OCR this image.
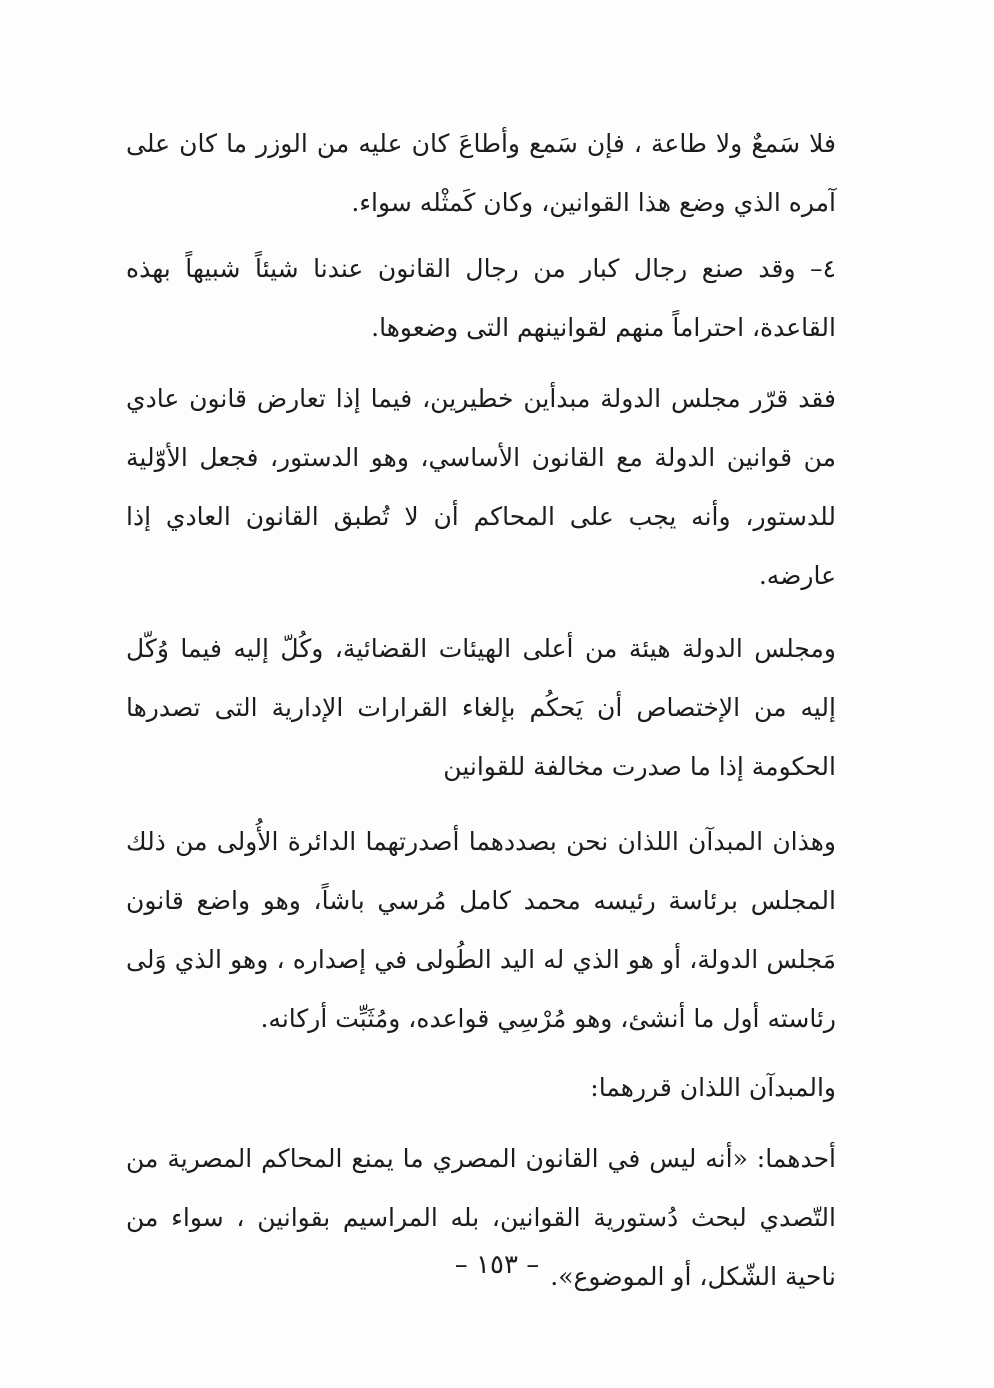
فلا سَمعٌ ولا طاعة ، فإن سَمع وأطاعَ كان عليه من الوزر ما كان على آمره الذي وضع هذا القوانين، وكان كَمثْله سواء.

٤– وقد صنع رجال كبار من رجال القانون عندنا شيئاً شبيهاً بهذه القاعدة، احتراماً منهم لقوانينهم التى وضعوها.

فقد قرّر مجلس الدولة مبدأين خطيرين، فيما إذا تعارض قانون عادي من قوانين الدولة مع القانون الأساسي، وهو الدستور، فجعل الأوّلية للدستور، وأنه يجب على المحاكم أن لا تُطبق القانون العادي إذا عارضه.

ومجلس الدولة هيئة من أعلى الهيئات القضائية، وكُلّ إليه فيما وُكّل إليه من الإختصاص أن يَحكُم بإلغاء القرارات الإدارية التى تصدرها الحكومة إذا ما صدرت مخالفة للقوانين

وهذان المبدآن اللذان نحن بصددهما أصدرتهما الدائرة الأُولى من ذلك المجلس برئاسة رئيسه محمد كامل مُرسي باشاً، وهو واضع قانون مَجلس الدولة، أو هو الذي له اليد الطُولى في إصداره ، وهو الذي وَلى رئاسته أول ما أنشئ، وهو مُرْسِي قواعده، ومُثَبِّت أركانه.

والمبدآن اللذان قررهما:

أحدهما: «أنه ليس في القانون المصري ما يمنع المحاكم المصرية من التّصدي لبحث دُستورية القوانين، بله المراسيم بقوانين ، سواء من ناحية الشّكل، أو الموضوع».

– ١٥٣ –
